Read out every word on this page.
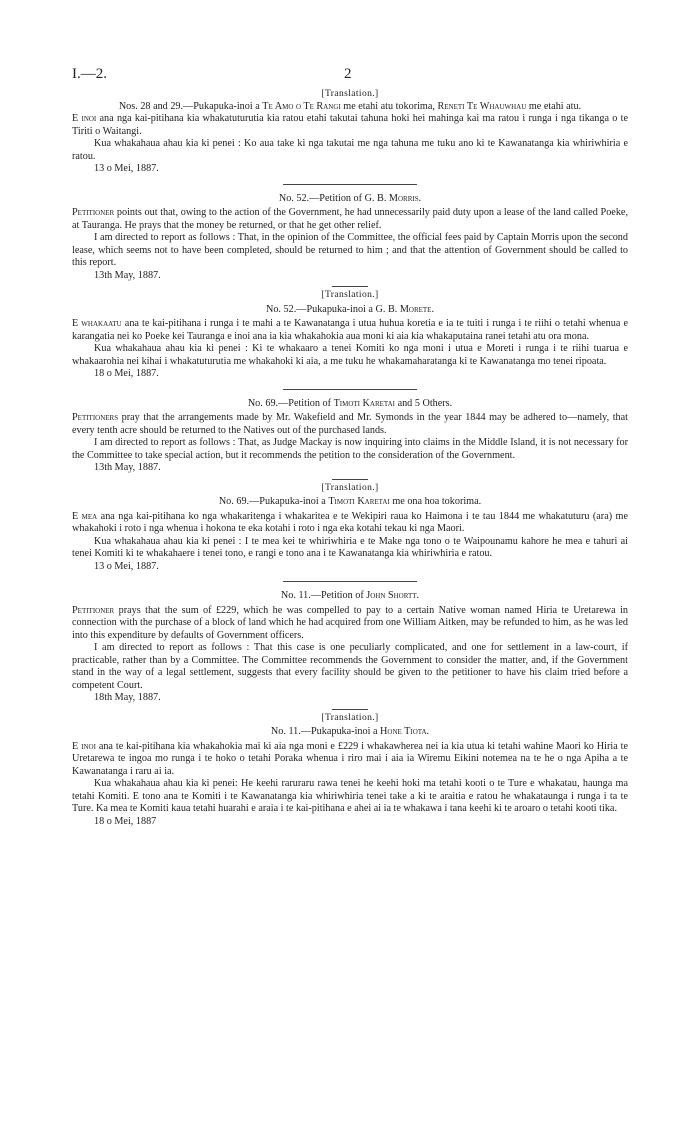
I.—2.	2
[Translation.]
Nos. 28 and 29.—Pukapuka-inoi a Te Amo o Te Rangi me etahi atu tokorima, Reneti Te Whauwhau me etahi atu.

E inoi ana nga kai-pitihana kia whakatuturutia kia ratou etahi takutai tahuna hoki hei mahinga kai ma ratou i runga i nga tikanga o te Tiriti o Waitangi.

Kua whakahaua ahau kia ki penei : Ko aua take ki nga takutai me nga tahuna me tuku ano ki te Kawanatanga kia whiriwhiria e ratou.

13 o Mei, 1887.
No. 52.—Petition of G. B. Morris.

Petitioner points out that, owing to the action of the Government, he had unnecessarily paid duty upon a lease of the land called Poeke, at Tauranga. He prays that the money be returned, or that he get other relief.

I am directed to report as follows : That, in the opinion of the Committee, the official fees paid by Captain Morris upon the second lease, which seems not to have been completed, should be returned to him ; and that the attention of Government should be called to this report.

13th May, 1887.
[Translation.]
No. 52.—Pukapuka-inoi a G. B. Morete.

E whakaatu ana te kai-pitihana i runga i te mahi a te Kawanatanga i utua huhua koretia e ia te tuiti i runga i te riihi o tetahi whenua e karangatia nei ko Poeke kei Tauranga e inoi ana ia kia whakahokia aua moni ki aia kia whakaputaina ranei tetahi atu ora mona.

Kua whakahaua ahau kia ki penei : Ki te whakaaro a tenei Komiti ko nga moni i utua e Moreti i runga i te riihi tuarua e whakaarohia nei kihai i whakatuturutia me whakahoki ki aia, a me tuku he whakamaharatanga ki te Kawanatanga mo tenei ripoata.

18 o Mei, 1887.
No. 69.—Petition of Timoti Karetai and 5 Others.

Petitioners pray that the arrangements made by Mr. Wakefield and Mr. Symonds in the year 1844 may be adhered to—namely, that every tenth acre should be returned to the Natives out of the purchased lands.

I am directed to report as follows : That, as Judge Mackay is now inquiring into claims in the Middle Island, it is not necessary for the Committee to take special action, but it recommends the petition to the consideration of the Government.

13th May, 1887.
[Translation.]
No. 69.—Pukapuka-inoi a Timoti Karetai me ona hoa tokorima.

E mea ana nga kai-pitihana ko nga whakaritenga i whakaritea e te Wekipiri raua ko Haimona i te tau 1844 me whakatuturu (ara) me whakahoki i roto i nga whenua i hokona te eka kotahi i roto i nga eka kotahi tekau ki nga Maori.

Kua whakahaua ahau kia ki penei : I te mea kei te whiriwhiria e te Make nga tono o te Waipounamu kahore he mea e tahuri ai tenei Komiti ki te whakahaere i tenei tono, e rangi e tono ana i te Kawanatanga kia whiriwhiria e ratou.

13 o Mei, 1887.
No. 11.—Petition of John Shortt.

Petitioner prays that the sum of £229, which he was compelled to pay to a certain Native woman named Hiria te Uretarewa in connection with the purchase of a block of land which he had acquired from one William Aitken, may be refunded to him, as he was led into this expenditure by defaults of Government officers.

I am directed to report as follows : That this case is one peculiarly complicated, and one for settlement in a law-court, if practicable, rather than by a Committee. The Committee recommends the Government to consider the matter, and, if the Government stand in the way of a legal settlement, suggests that every facility should be given to the petitioner to have his claim tried before a competent Court.

18th May, 1887.
[Translation.]
No. 11.—Pukapuka-inoi a Hone Tiota.

E inoi ana te kai-pitihana kia whakahokia mai ki aia nga moni e £229 i whakawherea nei ia kia utua ki tetahi wahine Maori ko Hiria te Uretarewa te ingoa mo runga i te hoko o tetahi Poraka whenua i riro mai i aia ia Wiremu Eikini notemea na te he o nga Apiha a te Kawanatanga i raru ai ia.

Kua whakahaua ahau kia ki penei: He keehi raruraru rawa tenei he keehi hoki ma tetahi kooti o te Ture e whakatau, haunga ma tetahi Komiti. E tono ana te Komiti i te Kawanatanga kia whiriwhiria tenei take a ki te araitia e ratou he whakataunga i runga i ta te Ture. Ka mea te Komiti kaua tetahi huarahi e araia i te kai-pitihana e ahei ai ia te whakawa i tana keehi ki te aroaro o tetahi kooti tika.

18 o Mei, 1887
